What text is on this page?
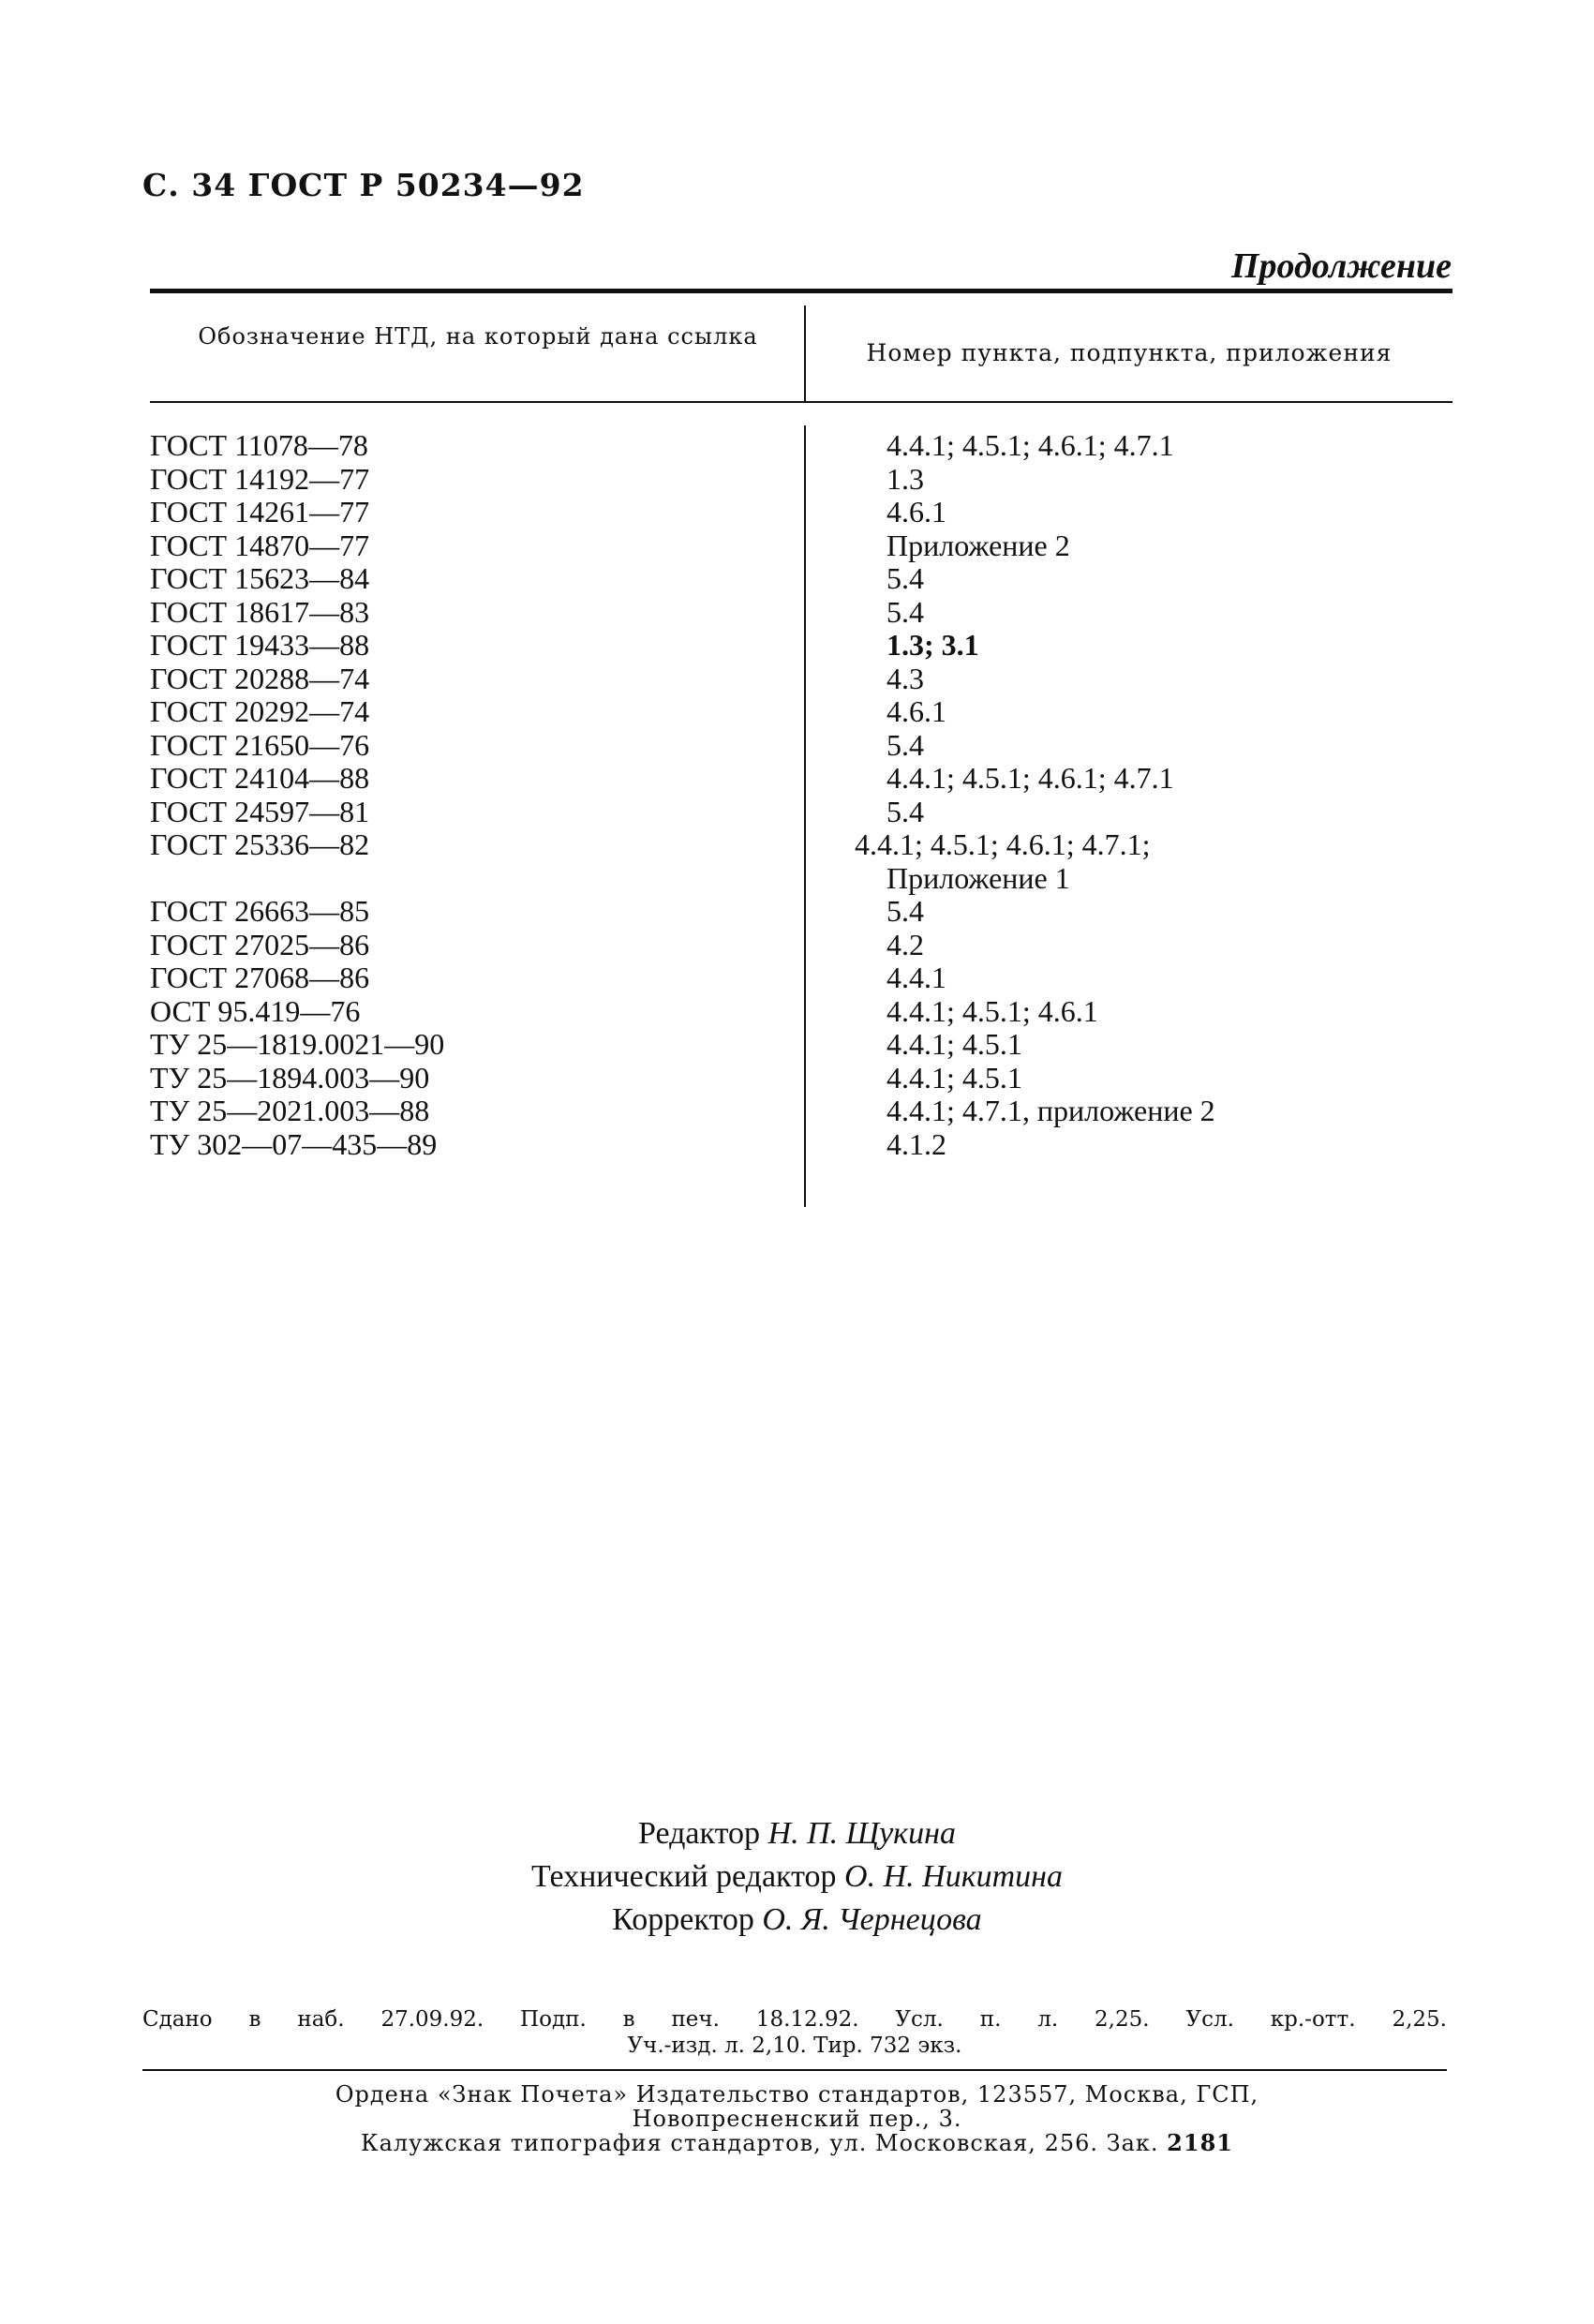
С. 34 ГОСТ Р 50234—92
Продолжение
Обозначение НТД, на который дана ссылка
Номер пункта, подпункта, приложения
ГОСТ 11078—78	4.4.1; 4.5.1; 4.6.1; 4.7.1
ГОСТ 14192—77	1.3
ГОСТ 14261—77	4.6.1
ГОСТ 14870—77	Приложение 2
ГОСТ 15623—84	5.4
ГОСТ 18617—83	5.4
ГОСТ 19433—88	1.3; 3.1
ГОСТ 20288—74	4.3
ГОСТ 20292—74	4.6.1
ГОСТ 21650—76	5.4
ГОСТ 24104—88	4.4.1; 4.5.1; 4.6.1; 4.7.1
ГОСТ 24597—81	5.4
ГОСТ 25336—82	4.4.1; 4.5.1; 4.6.1; 4.7.1;
Приложение 1
ГОСТ 26663—85	5.4
ГОСТ 27025—86	4.2
ГОСТ 27068—86	4.4.1
ОСТ 95.419—76	4.4.1; 4.5.1; 4.6.1
ТУ 25—1819.0021—90	4.4.1; 4.5.1
ТУ 25—1894.003—90	4.4.1; 4.5.1
ТУ 25—2021.003—88	4.4.1; 4.7.1, приложение 2
ТУ 302—07—435—89	4.1.2
Редактор Н. П. Щукина
Технический редактор О. Н. Никитина
Корректор О. Я. Чернецова
Сдано в наб. 27.09.92. Подп. в печ. 18.12.92. Усл. п. л. 2,25. Усл. кр.-отт. 2,25.
Уч.-изд. л. 2,10. Тир. 732 экз.
Ордена «Знак Почета» Издательство стандартов, 123557, Москва, ГСП,
Новопресненский пер., 3.
Калужская типография стандартов, ул. Московская, 256. Зак. 2181
